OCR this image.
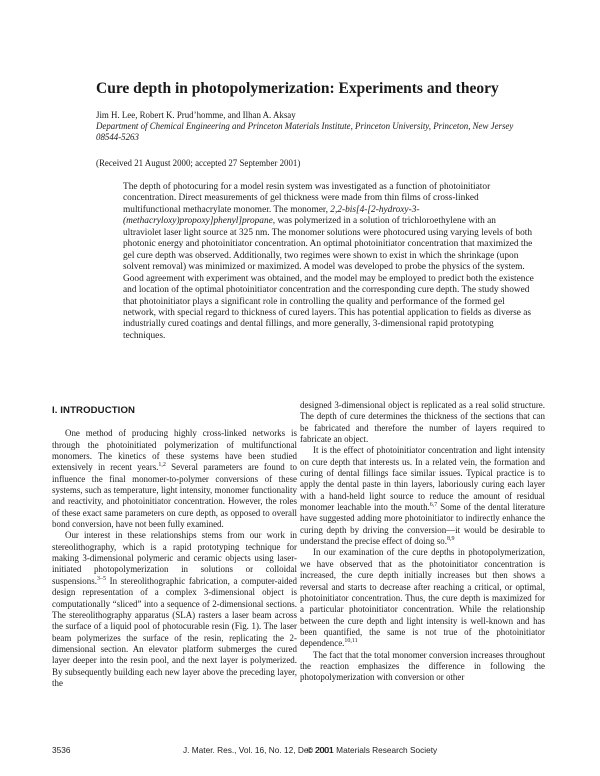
Cure depth in photopolymerization: Experiments and theory
Jim H. Lee, Robert K. Prud’homme, and Ilhan A. Aksay
Department of Chemical Engineering and Princeton Materials Institute, Princeton University, Princeton, New Jersey 08544-5263
(Received 21 August 2000; accepted 27 September 2001)

The depth of photocuring for a model resin system was investigated as a function of photoinitiator concentration. Direct measurements of gel thickness were made from thin films of cross-linked multifunctional methacrylate monomer. The monomer, 2,2-bis[4-[2-hydroxy-3-(methacryloxy)propoxy]phenyl]propane, was polymerized in a solution of trichloroethylene with an ultraviolet laser light source at 325 nm. The monomer solutions were photocured using varying levels of both photonic energy and photoinitiator concentration. An optimal photoinitiator concentration that maximized the gel cure depth was observed. Additionally, two regimes were shown to exist in which the shrinkage (upon solvent removal) was minimized or maximized. A model was developed to probe the physics of the system. Good agreement with experiment was obtained, and the model may be employed to predict both the existence and location of the optimal photoinitiator concentration and the corresponding cure depth. The study showed that photoinitiator plays a significant role in controlling the quality and performance of the formed gel network, with special regard to thickness of cured layers. This has potential application to fields as diverse as industrially cured coatings and dental fillings, and more generally, 3-dimensional rapid prototyping techniques.

I. INTRODUCTION

One method of producing highly cross-linked networks is through the photoinitiated polymerization of multifunctional monomers. The kinetics of these systems have been studied extensively in recent years.$^{1,2}$ Several parameters are found to influence the final monomer-to-polymer conversions of these systems, such as temperature, light intensity, monomer functionality and reactivity, and photoinitiator concentration. However, the roles of these exact same parameters on cure depth, as opposed to overall bond conversion, have not been fully examined.

Our interest in these relationships stems from our work in stereolithography, which is a rapid prototyping technique for making 3-dimensional polymeric and ceramic objects using laser-initiated photopolymerization in solutions or colloidal suspensions.$^{3-5}$ In stereolithographic fabrication, a computer-aided design representation of a complex 3-dimensional object is computationally “sliced” into a sequence of 2-dimensional sections. The stereolithography apparatus (SLA) rasters a laser beam across the surface of a liquid pool of photocurable resin (Fig. 1). The laser beam polymerizes the surface of the resin, replicating the 2-dimensional section. An elevator platform submerges the cured layer deeper into the resin pool, and the next layer is polymerized. By subsequently building each new layer above the preceding layer, the

designed 3-dimensional object is replicated as a real solid structure. The depth of cure determines the thickness of the sections that can be fabricated and therefore the number of layers required to fabricate an object.

It is the effect of photoinitiator concentration and light intensity on cure depth that interests us. In a related vein, the formation and curing of dental fillings face similar issues. Typical practice is to apply the dental paste in thin layers, laboriously curing each layer with a hand-held light source to reduce the amount of residual monomer leachable into the mouth.$^{6,7}$ Some of the dental literature have suggested adding more photoinitiator to indirectly enhance the curing depth by driving the conversion—it would be desirable to understand the precise effect of doing so.$^{8,9}$

In our examination of the cure depths in photopolymerization, we have observed that as the photoinitiator concentration is increased, the cure depth initially increases but then shows a reversal and starts to decrease after reaching a critical, or optimal, photoinitiator concentration. Thus, the cure depth is maximized for a particular photoinitiator concentration. While the relationship between the cure depth and light intensity is well-known and has been quantified, the same is not true of the photoinitiator dependence.$^{10,11}$

The fact that the total monomer conversion increases throughout the reaction emphasizes the difference in following the photopolymerization with conversion or other

3536	J. Mater. Res., Vol. 16, No. 12, Dec 2001
© 2001 Materials Research Society
